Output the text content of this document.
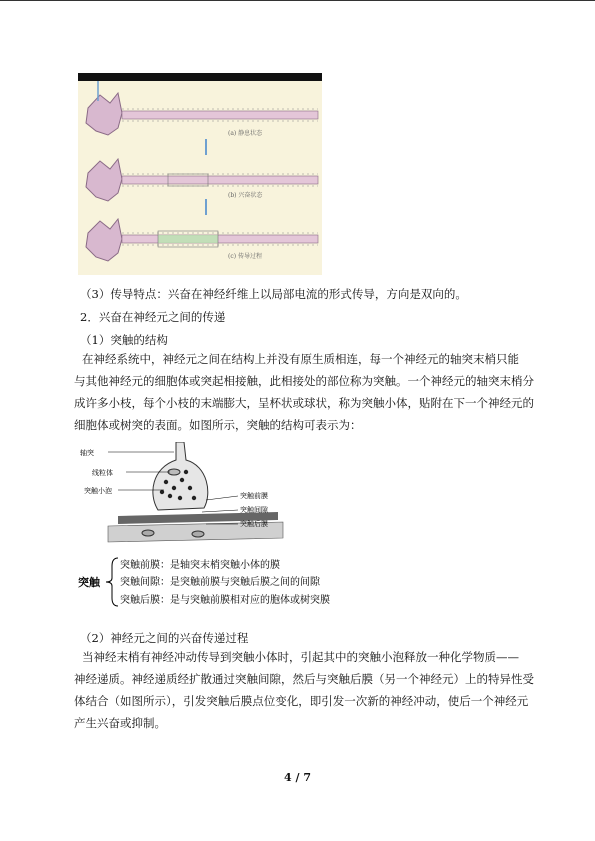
(a) 静息状态
(b) 兴奋状态
(c) 传导过程
（3）传导特点：兴奋在神经纤维上以局部电流的形式传导，方向是双向的。
2．兴奋在神经元之间的传递
（1）突触的结构
在神经系统中，神经元之间在结构上并没有原生质相连，每一个神经元的轴突末梢只能
与其他神经元的细胞体或突起相接触，此相接处的部位称为突触。一个神经元的轴突末梢分
成许多小枝，每个小枝的末端膨大，呈杯状或球状，称为突触小体，贴附在下一个神经元的
细胞体或树突的表面。如图所示，突触的结构可表示为：
轴突
线粒体
突触小泡
突触前膜
突触间隙
突触后膜
突触
突触前膜：是轴突末梢突触小体的膜
突触间隙：是突触前膜与突触后膜之间的间隙
突触后膜：是与突触前膜相对应的胞体或树突膜
（2）神经元之间的兴奋传递过程
当神经末梢有神经冲动传导到突触小体时，引起其中的突触小泡释放一种化学物质——
神经递质。神经递质经扩散通过突触间隙，然后与突触后膜（另一个神经元）上的特异性受
体结合（如图所示），引发突触后膜点位变化，即引发一次新的神经冲动，使后一个神经元
产生兴奋或抑制。
4 / 7
